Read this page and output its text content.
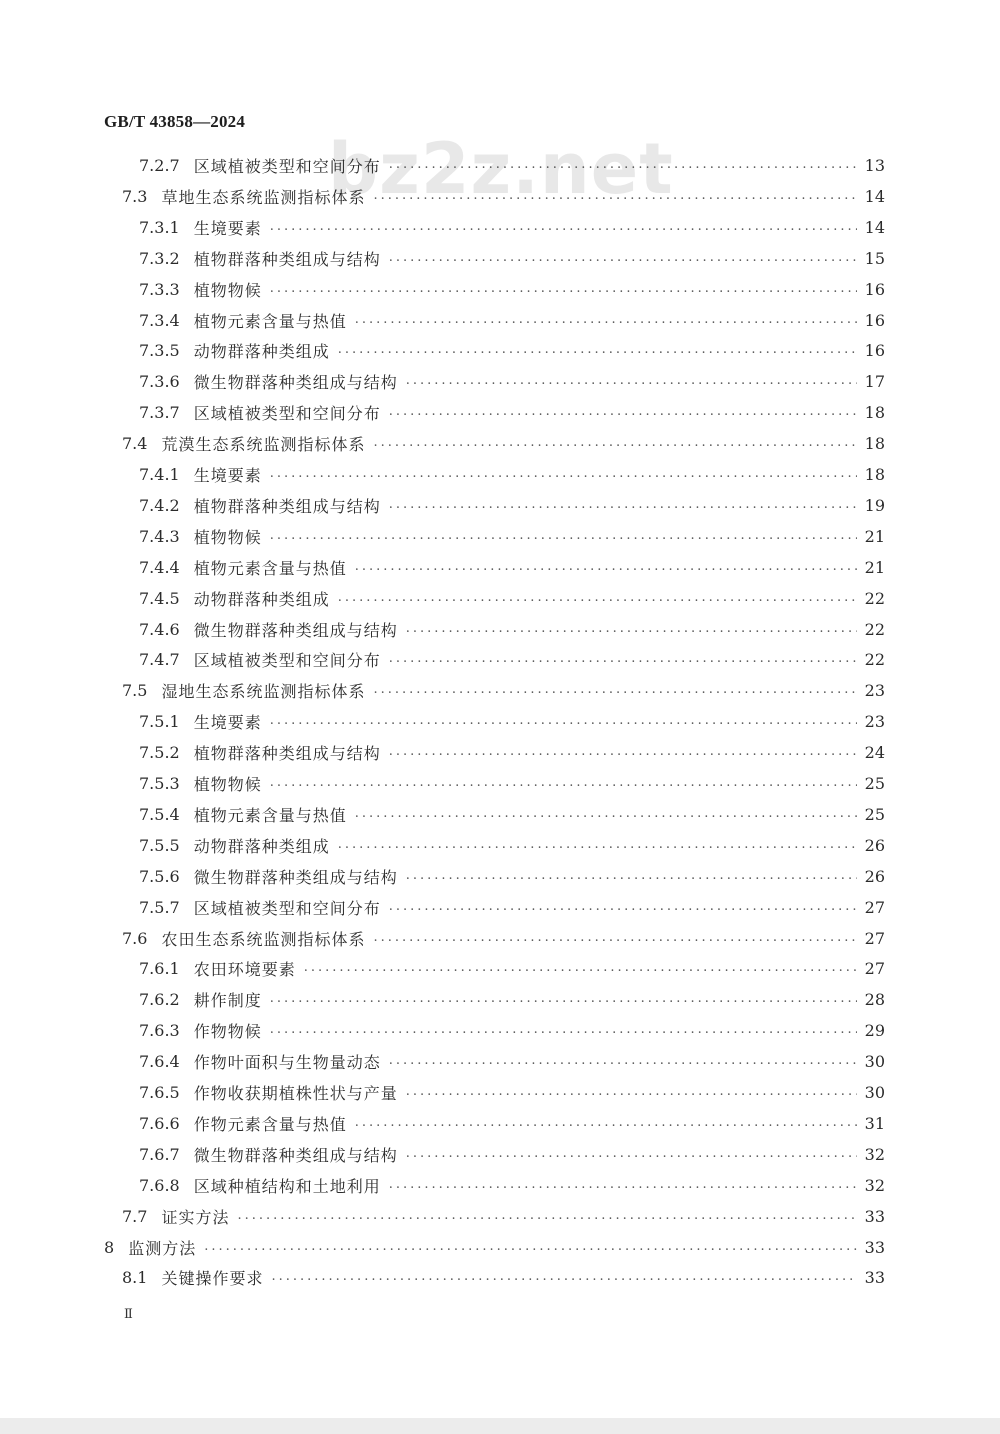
GB/T 43858—2024
bz2z.net
7.2.7 区域植被类型和空间分布 .....	13
7.3 草地生态系统监测指标体系 .....	14
7.3.1 生境要素 .....	14
7.3.2 植物群落种类组成与结构 .....	15
7.3.3 植物物候 .....	16
7.3.4 植物元素含量与热值 .....	16
7.3.5 动物群落种类组成 .....	16
7.3.6 微生物群落种类组成与结构 .....	17
7.3.7 区域植被类型和空间分布 .....	18
7.4 荒漠生态系统监测指标体系 .....	18
7.4.1 生境要素 .....	18
7.4.2 植物群落种类组成与结构 .....	19
7.4.3 植物物候 .....	21
7.4.4 植物元素含量与热值 .....	21
7.4.5 动物群落种类组成 .....	22
7.4.6 微生物群落种类组成与结构 .....	22
7.4.7 区域植被类型和空间分布 .....	22
7.5 湿地生态系统监测指标体系 .....	23
7.5.1 生境要素 .....	23
7.5.2 植物群落种类组成与结构 .....	24
7.5.3 植物物候 .....	25
7.5.4 植物元素含量与热值 .....	25
7.5.5 动物群落种类组成 .....	26
7.5.6 微生物群落种类组成与结构 .....	26
7.5.7 区域植被类型和空间分布 .....	27
7.6 农田生态系统监测指标体系 .....	27
7.6.1 农田环境要素 .....	27
7.6.2 耕作制度 .....	28
7.6.3 作物物候 .....	29
7.6.4 作物叶面积与生物量动态 .....	30
7.6.5 作物收获期植株性状与产量 .....	30
7.6.6 作物元素含量与热值 .....	31
7.6.7 微生物群落种类组成与结构 .....	32
7.6.8 区域种植结构和土地利用 .....	32
7.7 证实方法 .....	33
8 监测方法 .....	33
8.1 关键操作要求 .....	33
Ⅱ
